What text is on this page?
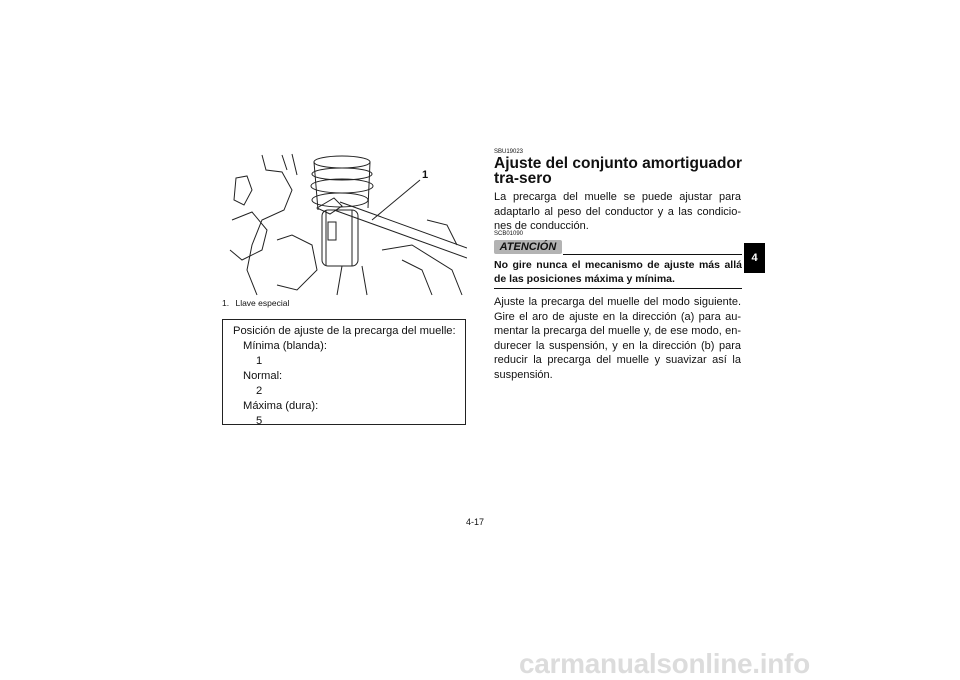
1
1. Llave especial
Posición de ajuste de la precarga del muelle:
Mínima (blanda):
1
Normal:
2
Máxima (dura):
5
SBU19023
Ajuste del conjunto amortiguador tra-sero
La precarga del muelle se puede ajustar para adaptarlo al peso del conductor y a las condicio-nes de conducción.
SCB01090
ATENCIÓN
No gire nunca el mecanismo de ajuste más allá de las posiciones máxima y mínima.
Ajuste la precarga del muelle del modo siguiente. Gire el aro de ajuste en la dirección (a) para au-mentar la precarga del muelle y, de ese modo, en-durecer la suspensión, y en la dirección (b) para reducir la precarga del muelle y suavizar así la suspensión.
4
4-17
carmanualsonline.info
